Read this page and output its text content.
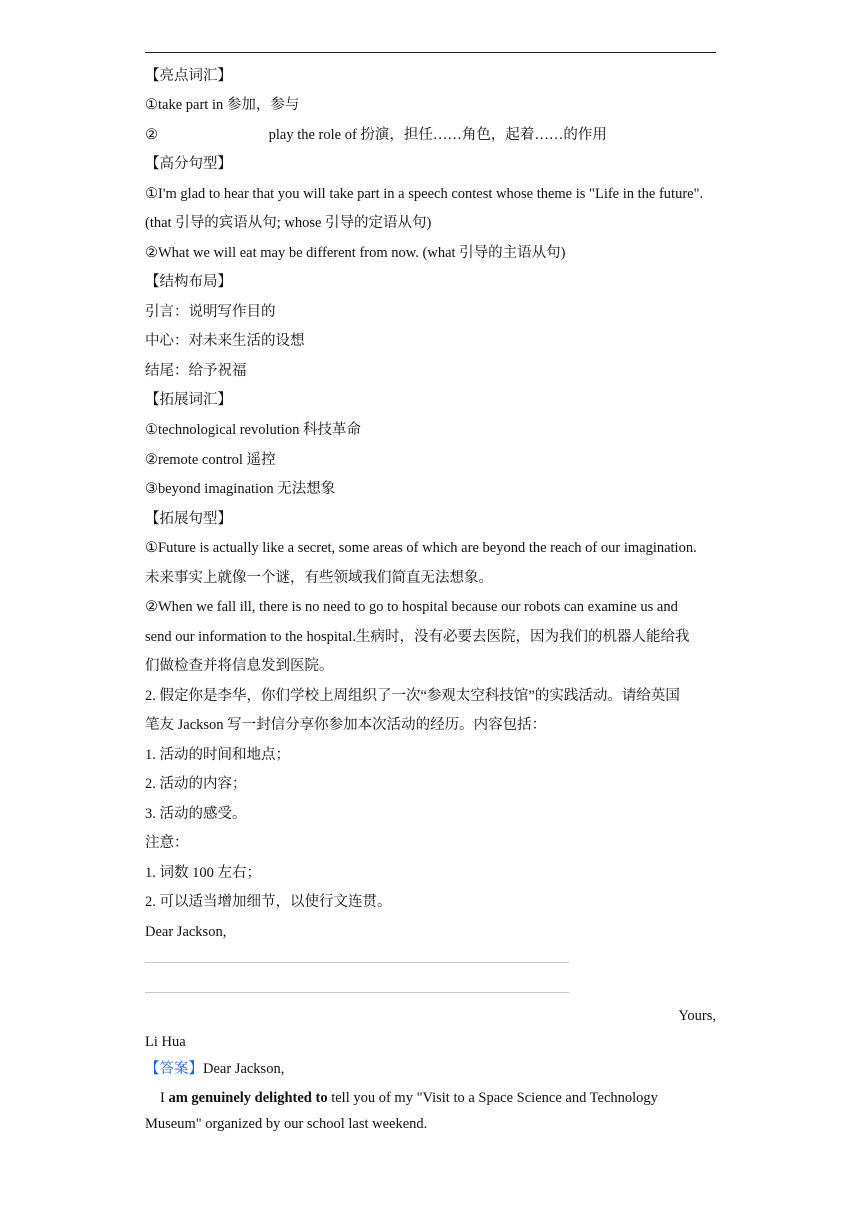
【亮点词汇】
①take part in 参加，参与
②	play the role of 扮演，担任……角色，起着……的作用
【高分句型】
①I'm glad to hear that you will take part in a speech contest whose theme is "Life in the future".
(that 引导的宾语从句; whose 引导的定语从句)
②What we will eat may be different from now. (what 引导的主语从句)
【结构布局】
引言：说明写作目的
中心：对未来生活的设想
结尾：给予祝福
【拓展词汇】
①technological revolution 科技革命
②remote control 遥控
③beyond imagination 无法想象
【拓展句型】
①Future is actually like a secret, some areas of which are beyond the reach of our imagination.
未来事实上就像一个谜，有些领域我们简直无法想象。
②When we fall ill, there is no need to go to hospital because our robots can examine us and
send our information to the hospital.生病时，没有必要去医院，因为我们的机器人能给我
们做检查并将信息发到医院。
2. 假定你是李华，你们学校上周组织了一次“参观太空科技馆”的实践活动。请给英国
笔友 Jackson 写一封信分享你参加本次活动的经历。内容包括：
1. 活动的时间和地点；
2. 活动的内容；
3. 活动的感受。
注意：
1. 词数 100 左右；
2. 可以适当增加细节，以使行文连贯。
Dear Jackson,
Yours,
Li Hua
【答案】Dear Jackson,
I am genuinely delighted to tell you of my "Visit to a Space Science and Technology
Museum" organized by our school last weekend.
